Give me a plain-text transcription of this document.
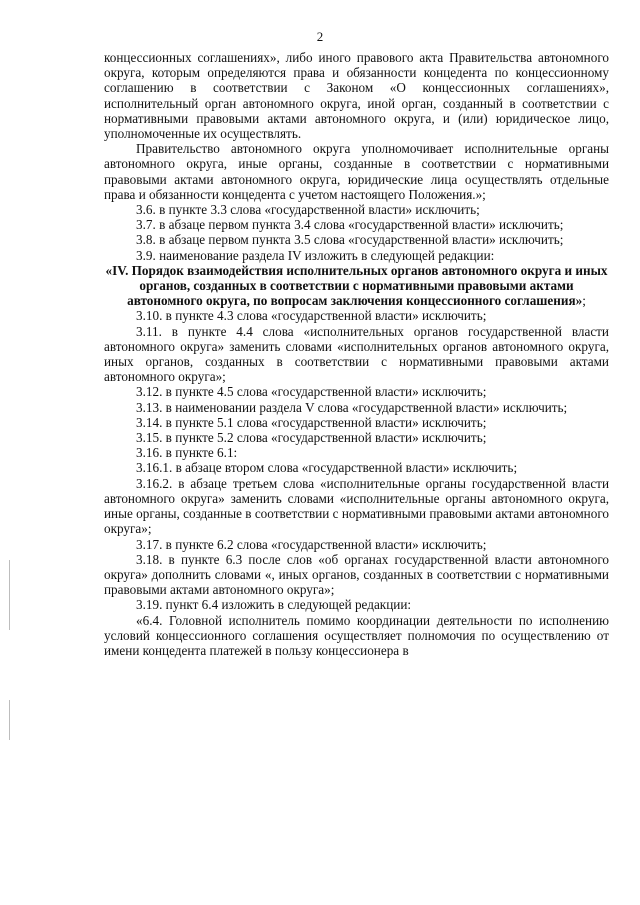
2

концессионных соглашениях», либо иного правового акта Правительства автономного округа, которым определяются права и обязанности концедента по концессионному соглашению в соответствии с Законом «О концессионных соглашениях», исполнительный орган автономного округа, иной орган, созданный в соответствии с нормативными правовыми актами автономного округа, и (или) юридическое лицо, уполномоченные их осуществлять.

Правительство автономного округа уполномочивает исполнительные органы автономного округа, иные органы, созданные в соответствии с нормативными правовыми актами автономного округа, юридические лица осуществлять отдельные права и обязанности концедента с учетом настоящего Положения.»;

3.6. в пункте 3.3 слова «государственной власти» исключить;

3.7. в абзаце первом пункта 3.4 слова «государственной власти» исключить;

3.8. в абзаце первом пункта 3.5 слова «государственной власти» исключить;

3.9. наименование раздела IV изложить в следующей редакции:

«IV. Порядок взаимодействия исполнительных органов автономного округа и иных органов, созданных в соответствии с нормативными правовыми актами автономного округа, по вопросам заключения концессионного соглашения»;

3.10. в пункте 4.3 слова «государственной власти» исключить;

3.11. в пункте 4.4 слова «исполнительных органов государственной власти автономного округа» заменить словами «исполнительных органов автономного округа, иных органов, созданных в соответствии с нормативными правовыми актами автономного округа»;

3.12. в пункте 4.5 слова «государственной власти» исключить;

3.13. в наименовании раздела V слова «государственной власти» исключить;

3.14. в пункте 5.1 слова «государственной власти» исключить;

3.15. в пункте 5.2 слова «государственной власти» исключить;

3.16. в пункте 6.1:

3.16.1. в абзаце втором слова «государственной власти» исключить;

3.16.2. в абзаце третьем слова «исполнительные органы государственной власти автономного округа» заменить словами «исполнительные органы автономного округа, иные органы, созданные в соответствии с нормативными правовыми актами автономного округа»;

3.17. в пункте 6.2 слова «государственной власти» исключить;

3.18. в пункте 6.3 после слов «об органах государственной власти автономного округа» дополнить словами «, иных органов, созданных в соответствии с нормативными правовыми актами автономного округа»;

3.19. пункт 6.4 изложить в следующей редакции:

«6.4. Головной исполнитель помимо координации деятельности по исполнению условий концессионного соглашения осуществляет полномочия по осуществлению от имени концедента платежей в пользу концессионера в
